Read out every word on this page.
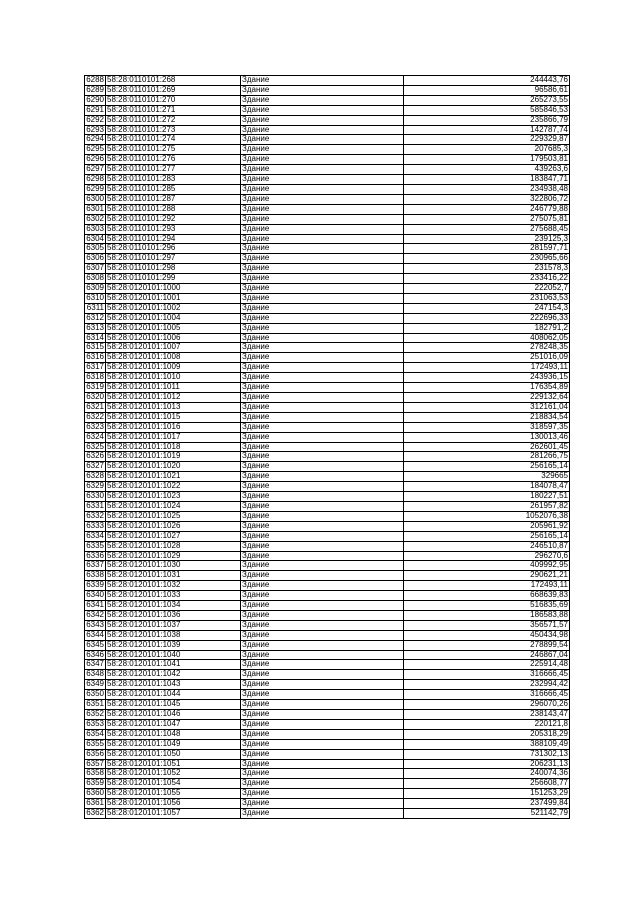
6288	58:28:0110101:268	Здание	244443,76
6289	58:28:0110101:269	Здание	96586,61
6290	58:28:0110101:270	Здание	265273,55
6291	58:28:0110101:271	Здание	585846,53
6292	58:28:0110101:272	Здание	235866,79
6293	58:28:0110101:273	Здание	142787,74
6294	58:28:0110101:274	Здание	229329,87
6295	58:28:0110101:275	Здание	207685,3
6296	58:28:0110101:276	Здание	179503,81
6297	58:28:0110101:277	Здание	439263,6
6298	58:28:0110101:283	Здание	183847,71
6299	58:28:0110101:285	Здание	234938,48
6300	58:28:0110101:287	Здание	322806,72
6301	58:28:0110101:288	Здание	246779,88
6302	58:28:0110101:292	Здание	275075,81
6303	58:28:0110101:293	Здание	275688,45
6304	58:28:0110101:294	Здание	239125,3
6305	58:28:0110101:296	Здание	281597,71
6306	58:28:0110101:297	Здание	230965,66
6307	58:28:0110101:298	Здание	231578,3
6308	58:28:0110101:299	Здание	233416,22
6309	58:28:0120101:1000	Здание	222052,7
6310	58:28:0120101:1001	Здание	231063,53
6311	58:28:0120101:1002	Здание	247154,3
6312	58:28:0120101:1004	Здание	222696,33
6313	58:28:0120101:1005	Здание	182791,2
6314	58:28:0120101:1006	Здание	408062,05
6315	58:28:0120101:1007	Здание	278248,35
6316	58:28:0120101:1008	Здание	251016,09
6317	58:28:0120101:1009	Здание	172493,11
6318	58:28:0120101:1010	Здание	243936,15
6319	58:28:0120101:1011	Здание	176354,89
6320	58:28:0120101:1012	Здание	229132,64
6321	58:28:0120101:1013	Здание	312161,04
6322	58:28:0120101:1015	Здание	218834,54
6323	58:28:0120101:1016	Здание	318597,35
6324	58:28:0120101:1017	Здание	130013,46
6325	58:28:0120101:1018	Здание	262601,45
6326	58:28:0120101:1019	Здание	281266,75
6327	58:28:0120101:1020	Здание	256165,14
6328	58:28:0120101:1021	Здание	329665
6329	58:28:0120101:1022	Здание	184078,47
6330	58:28:0120101:1023	Здание	180227,51
6331	58:28:0120101:1024	Здание	261957,82
6332	58:28:0120101:1025	Здание	1052076,38
6333	58:28:0120101:1026	Здание	205961,92
6334	58:28:0120101:1027	Здание	256165,14
6335	58:28:0120101:1028	Здание	246510,87
6336	58:28:0120101:1029	Здание	296270,6
6337	58:28:0120101:1030	Здание	409992,95
6338	58:28:0120101:1031	Здание	290621,21
6339	58:28:0120101:1032	Здание	172493,11
6340	58:28:0120101:1033	Здание	668639,83
6341	58:28:0120101:1034	Здание	516835,69
6342	58:28:0120101:1036	Здание	186583,88
6343	58:28:0120101:1037	Здание	356571,57
6344	58:28:0120101:1038	Здание	450434,98
6345	58:28:0120101:1039	Здание	278899,54
6346	58:28:0120101:1040	Здание	246867,04
6347	58:28:0120101:1041	Здание	225914,48
6348	58:28:0120101:1042	Здание	316666,45
6349	58:28:0120101:1043	Здание	232994,42
6350	58:28:0120101:1044	Здание	316666,45
6351	58:28:0120101:1045	Здание	296070,26
6352	58:28:0120101:1046	Здание	238143,47
6353	58:28:0120101:1047	Здание	220121,8
6354	58:28:0120101:1048	Здание	205318,29
6355	58:28:0120101:1049	Здание	388109,49
6356	58:28:0120101:1050	Здание	731302,13
6357	58:28:0120101:1051	Здание	206231,13
6358	58:28:0120101:1052	Здание	240074,36
6359	58:28:0120101:1054	Здание	256608,77
6360	58:28:0120101:1055	Здание	151253,29
6361	58:28:0120101:1056	Здание	237499,84
6362	58:28:0120101:1057	Здание	521142,79
